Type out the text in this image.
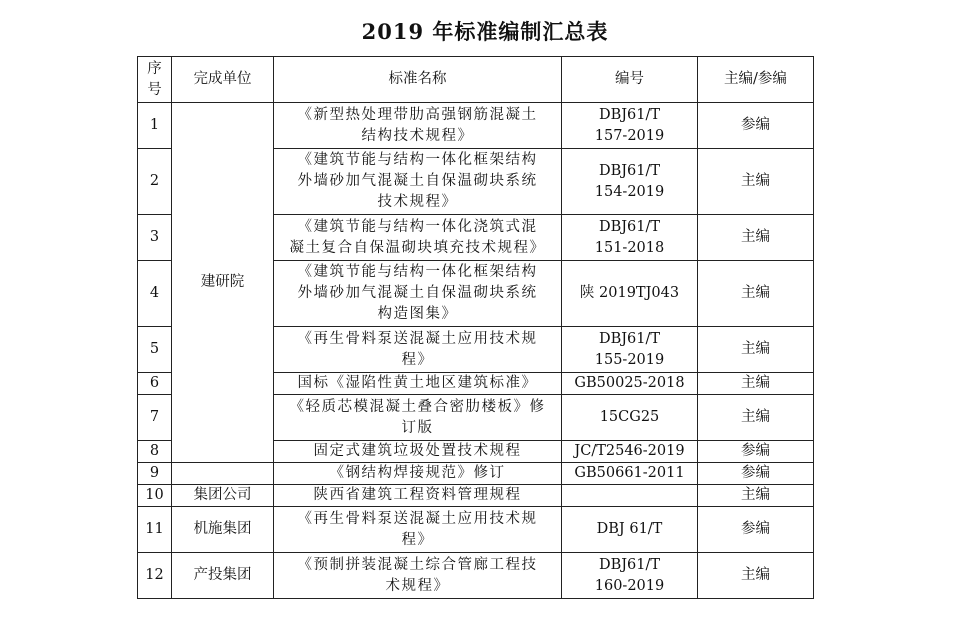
2019 年标准编制汇总表
序
号	完成单位	标准名称	编号	主编/参编
1	建研院	《新型热处理带肋高强钢筋混凝土
结构技术规程》	DBJ61/T
157-2019	参编
2		《建筑节能与结构一体化框架结构
外墙砂加气混凝土自保温砌块系统
技术规程》	DBJ61/T
154-2019	主编
3		《建筑节能与结构一体化浇筑式混
凝土复合自保温砌块填充技术规程》	DBJ61/T
151-2018	主编
4		《建筑节能与结构一体化框架结构
外墙砂加气混凝土自保温砌块系统
构造图集》	陕 2019TJ043	主编
5		《再生骨料泵送混凝土应用技术规
程》	DBJ61/T
155-2019	主编
6		国标《湿陷性黄土地区建筑标准》	GB50025-2018	主编
7		《轻质芯模混凝土叠合密肋楼板》修
订版	15CG25	主编
8		固定式建筑垃圾处置技术规程	JC/T2546-2019	参编
9		《钢结构焊接规范》修订	GB50661-2011	参编
10	集团公司	陕西省建筑工程资料管理规程		主编
11	机施集团	《再生骨料泵送混凝土应用技术规
程》	DBJ 61/T	参编
12	产投集团	《预制拼装混凝土综合管廊工程技
术规程》	DBJ61/T
160-2019	主编
